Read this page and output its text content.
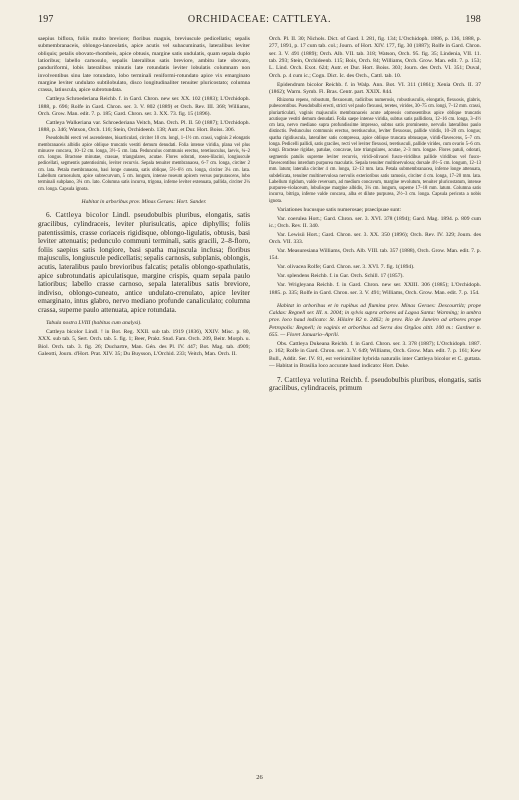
197	ORCHIDACEAE: CATTLEYA.	198

saepius biflora, foliis multo breviore; floribus magnis, breviuscule pedicellatis; sepalis submembranaceis, oblongo-lanceolatis, apice acutis vel subacuminatis, lateralibus leviter obliquis; petalis obovato-rhombeis, apice obtusis, margine satis undulatis, quam sepala duplo latioribus; labello carnosulo, sepalis lateralibus satis breviore, ambitu late obovato, panduriformi, lobis lateralibus minutis late rotundatis leviter lobulatis columnam non involventibus sinu late rotundato, lobo terminali reniformi-rotundato apice vix emarginato margine leviter undulato subtilobulato, disco longitudinaliter tenuiter pluricostato; columna crassa, latiuscula, apice subrotundata.

Cattleya Schroederiana Reichb. f. in Gard. Chron. new ser. XX. 102 (1883); L'Orchidoph. 1888, p. 696; Rolfe in Gard. Chron. ser. 3. V. 802 (1889) et Orch. Rev. III. 368; Williams, Orch. Grow. Man. edit. 7. p. 185; Gard. Chron. ser. 3. XX. 73. fig. 15 (1896).

Cattleya Walkeriana var. Schroederiana Veitch, Man. Orch. Pl. II. 50 (1887); L'Orchidoph. 1888, p. 346; Watson, Orch. 116; Stein, Orchideenb. 138; Autr. et Dur. Hort. Boiss. 306.

Pseudobulbi erecti vel ascendentes, bisarticulati, circiter 10 cm. longi, 1–1½ cm. crassi, vaginis 2 elongatis membranaceis albidis apice oblique truncatis vestiti demum denudati. Folia intense viridia, plana vel plus minusve concava, 10–12 cm. longa, 3½–5 cm. lata. Pedunculus communis erectus, teretiusculus, laevis, ¾–2 cm. longus. Bracteae minutae, crassae, triangulares, acutae. Flores odorati, roseo-lilacini, longiuscule pedicellati, segmentis patentissimis, leviter recurvis. Sepala tenuiter membranacea, 6–7 cm. longa, circiter 2 cm. lata. Petala membranacea, basi longe cuneata, satis oblique, 5½–6½ cm. longa, circiter 3¼ cm. lata. Labellum carnosulum, apice subrecurvum, 5 cm. longum, intense roseum apicem versus purpurascens, lobo terminali subplano, 3¼ cm. lato. Columna satis incurva, trigona, inferne leviter extenuata, pallida, circiter 2¼ cm. longa. Capsula ignota.

Habitat in arboribus prov. Minas Geraes: Hort. Sander.

6. Cattleya bicolor Lindl. pseudobulbis pluribus, elongatis, satis gracilibus, cylindraceis, leviter plurisulcatis, apice diphyllis; foliis patentissimis, crasse coriaceis rigidisque, oblongo-ligulatis, obtusis, basi leviter attenuatis; pedunculo communi terminali, satis gracili, 2–8-floro, foliis saepius satis longiore, basi spatha majuscula inclusa; floribus majusculis, longiuscule pedicellatis; sepalis carnosis, subplanis, oblongis, acutis, lateralibus paulo brevioribus falcatis; petalis oblongo-spathulatis, apice subrotundatis apiculatisque, margine crispis, quam sepala paulo latioribus; labello crasse carnoso, sepala lateralibus satis breviore, indiviso, oblongo-cuneato, antice undulato-crenulato, apice leviter emarginato, intus glabro, nervo mediano profunde canaliculato; columna crassa, superne paulo attenuata, apice rotundata.

Tabula nostra LVIII (habitus cum analysi).

Cattleya bicolor Lindl. ! in Bot. Reg. XXII. sub tab. 1919 (1836), XXIV. Misc. p. 80, XXX. sub tab. 5, Sert. Orch. tab. 5. fig. 1; Beer, Prakt. Stud. Fam. Orch. 209, Beitr. Morph. u. Biol. Orch. tab. 3. fig. 26; Duchartre, Man. Gén. des Pl. IV. 447; Bot. Mag. tab. 4909; Galeotti, Journ. d'Hort. Prat. XIV. 35; Du Buysson, L'Orchid. 233; Veitch, Man. Orch. II.

Orch. Pl. II. 30; Nichols. Dict. of Gard. I. 281, fig. 134; L'Orchidoph. 1886, p. 136, 1888, p. 277, 1891, p. 17 cum tab. col.; Journ. of Hort. XIV. 177, fig. 30 (1887); Rolfe in Gard. Chron. ser. 3. V. 491 (1889); Orch. Alb. VII. tab. 318; Watson, Orch. 95. fig. 35; Lindenia, VII. 11. tab. 293; Stein, Orchideenb. 115; Bois, Orch. 84; Williams, Orch. Grow. Man. edit. 7. p. 153; L. Lind. Orch. Exot. 624; Autr. et Dur. Hort. Boiss. 303; Journ. des Orch. VI. 351; Duval, Orch. p. 4 cum ic.; Cogn. Dict. Ic. des Orch., Cattl. tab. 10.

Epidendrum bicolor Reichb. f. in Walp. Ann. Bot. VI. 311 (1861); Xenia Orch. II. 37 (1862); Warm. Symb. Fl. Bras. Centr. part. XXIX. 844.

Rhizoma repens, robustum, flexuosum, radicibus numerosis, robustiusculis, elongatis, flexuosis, glabris, pubescentibus. Pseudobulbi erecti, stricti vel paulo flexuosi, teretes, virides, 30–75 cm. longi, 7–12 mm. crassi, pluriarticulati, vaginis majusculis membranaceis acute adpressis comosentibus apice oblique truncatis acutisque vestiti demum denudati. Folia saepe intense viridia, subtus satis pallidiora, 12–16 cm. longa, 3–4½ cm lata, nervo mediano supra profundissime impresso, subtus satis prominente, nervulis lateralibus paulo distinctis. Pedunculus communis erectus, teretiusculus, leviter flexuosus, pallide viridis, 10–20 cm. longus; spatha rigidiuscula, lateraliter satis compressa, apice oblique truncata obtusaque, viridi-flavescens, 5–7 cm. longa. Pedicelli pallidi, satis graciles, recti vel leviter flexuosi, teretiusculi, pallide virides, cum ovario 5–6 cm. longi. Bracteae rigidae, patulae, concavae, late triangulares, acutae, 2–3 mm. longae. Flores patuli, odorati, segmentis patulis supreme leviter recurvis, viridi-olivacei fusco-viridibus pallide viridibus vel fusco-flavescentibus interdum purpurea maculatis. Sepala tenuiter multinervulosa; dorsale 4½–5 cm. longum, 12–13 mm. latum; lateralia circiter 4 cm. longa, 12–13 mm. lata. Petala submembranacea, inferne longe attenuata, subdelicata, tenuiter multinervulosa nervulis exterioribus satis ramosis, circiter 4 cm. longa, 17–20 mm. lata. Labellum rigidum, valde reversum, ad medium concavum, margine revolutum, tenuiter pluricostatum, intense purpureo-violaceum, lobulisque margine albidis, 3¼ cm. longum, superne 17–18 mm. latum. Columna satis incurva, bitriga, inferne valde concava, alba et dilute purpurea, 2½–3 cm. longa. Capsula pericota a nobis ignota.

Variationes hucusque satis numerosae; praecipuae sunt:

Var. coerulea Hort.; Gard. Chron. ser. 3. XVI. 378 (1894); Gard. Mag. 1894. p. 809 cum ic.; Orch. Rev. II. 340.

Var. Lewisii Hort.; Gard. Chron. ser. 3. XX. 350 (1896); Orch. Rev. IV. 329; Journ. des Orch. VII. 333.

Var. Measuresiana Williams, Orch. Alb. VIII. tab. 357 (1888), Orch. Grow. Man. edit. 7. p. 154.

Var. olivacea Rolfe; Gard. Chron. ser. 3. XVI. 7. fig. 1(1894).

Var. splendens Reichb. f. in Gar. Orch. Schill. 17 (1857).

Var. Wrigleyana Reichb. f. in Gard. Chron. new ser. XXIII. 306 (1885); L'Orchidoph. 1885. p. 335; Rolfe in Gard. Chron. ser. 3. V. 491; Williams, Orch. Grow. Man. edit. 7. p. 154.

Habitat in arboribus et in rupibus ad flumina prov. Minas Geraes: Descourtilz; prope Caldas: Regnell ser. III. n. 2004; in sylvis supra arbores ad Lagoa Santa: Warming; in umbra prov. loco haud indicato: St. Hilaire B2 n. 2462; in prov. Rio de Janeiro ad arbores prope Petropolis: Regnell; in vaginis et arboribus ad Serra dos Orgãos altit. 100 m.: Gardner n. 655. — Floret Januario–Aprili.

Obs. Cattleya Dukeana Reichb. f. in Gard. Chron. ser. 3. 378 (1887); L'Orchidoph. 1887. p. 162; Rolfe in Gard. Chron. ser. 3. V. 649; Williams, Orch. Grow. Man. edit. 7. p. 161; Kew Bull., Addit. Ser. IV. 81, est verisimiliter hybrida naturalis inter Cattleya bicolor et C. guttata. — Habitat in Brasilia loco accurate haud indicato: Hort. Duke.

7. Cattleya velutina Reichb. f. pseudobulbis pluribus, elongatis, satis gracilibus, cylindraceis, primum

26
